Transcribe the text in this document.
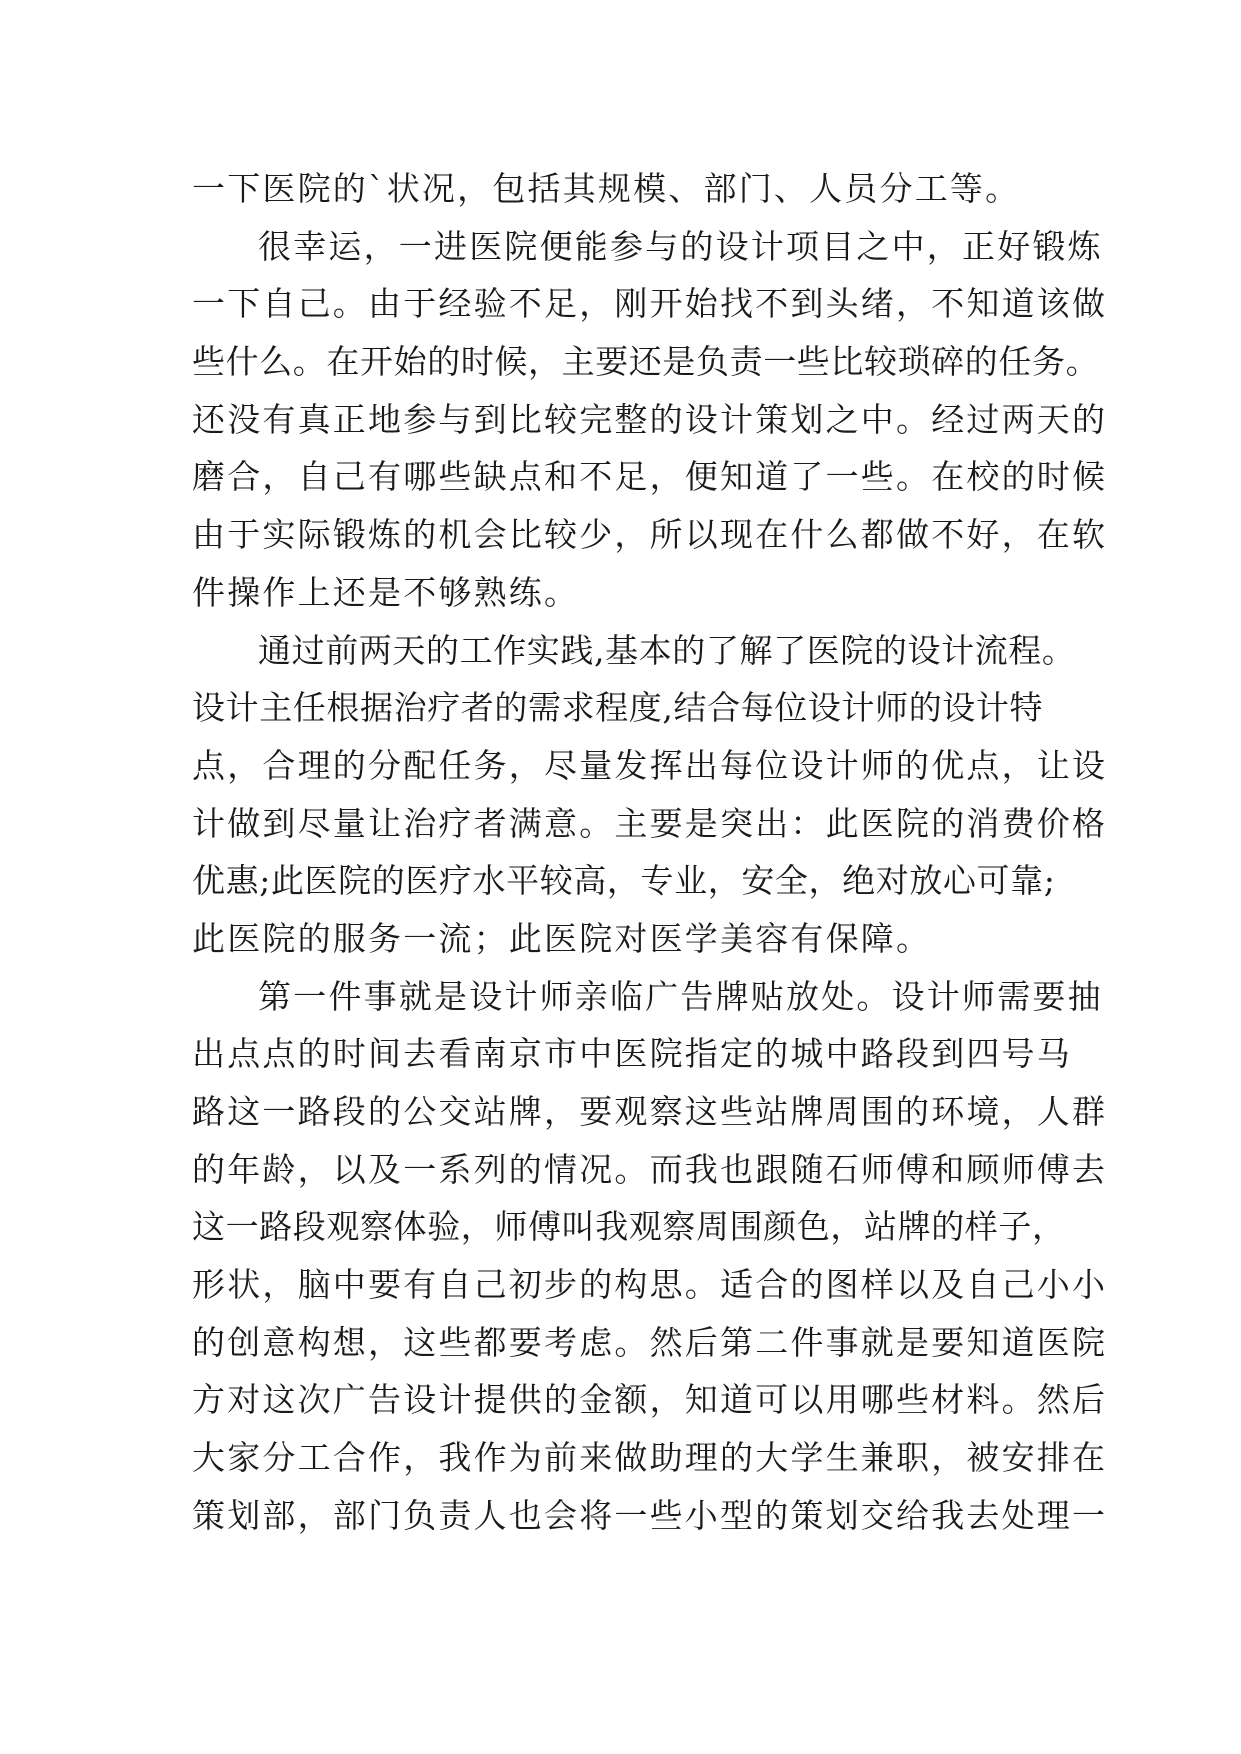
一下医院的`状况，包括其规模、部门、人员分工等。
很幸运，一进医院便能参与的设计项目之中，正好锻炼
一下自己。由于经验不足，刚开始找不到头绪，不知道该做
些什么。在开始的时候，主要还是负责一些比较琐碎的任务。
还没有真正地参与到比较完整的设计策划之中。经过两天的
磨合，自己有哪些缺点和不足，便知道了一些。在校的时候
由于实际锻炼的机会比较少，所以现在什么都做不好，在软
件操作上还是不够熟练。
通过前两天的工作实践,基本的了解了医院的设计流程。
设计主任根据治疗者的需求程度,结合每位设计师的设计特
点，合理的分配任务，尽量发挥出每位设计师的优点，让设
计做到尽量让治疗者满意。主要是突出：此医院的消费价格
优惠;此医院的医疗水平较高，专业，安全，绝对放心可靠;
此医院的服务一流；此医院对医学美容有保障。
第一件事就是设计师亲临广告牌贴放处。设计师需要抽
出点点的时间去看南京市中医院指定的城中路段到四号马
路这一路段的公交站牌，要观察这些站牌周围的环境，人群
的年龄，以及一系列的情况。而我也跟随石师傅和顾师傅去
这一路段观察体验，师傅叫我观察周围颜色，站牌的样子，
形状，脑中要有自己初步的构思。适合的图样以及自己小小
的创意构想，这些都要考虑。然后第二件事就是要知道医院
方对这次广告设计提供的金额，知道可以用哪些材料。然后
大家分工合作，我作为前来做助理的大学生兼职，被安排在
策划部，部门负责人也会将一些小型的策划交给我去处理一
